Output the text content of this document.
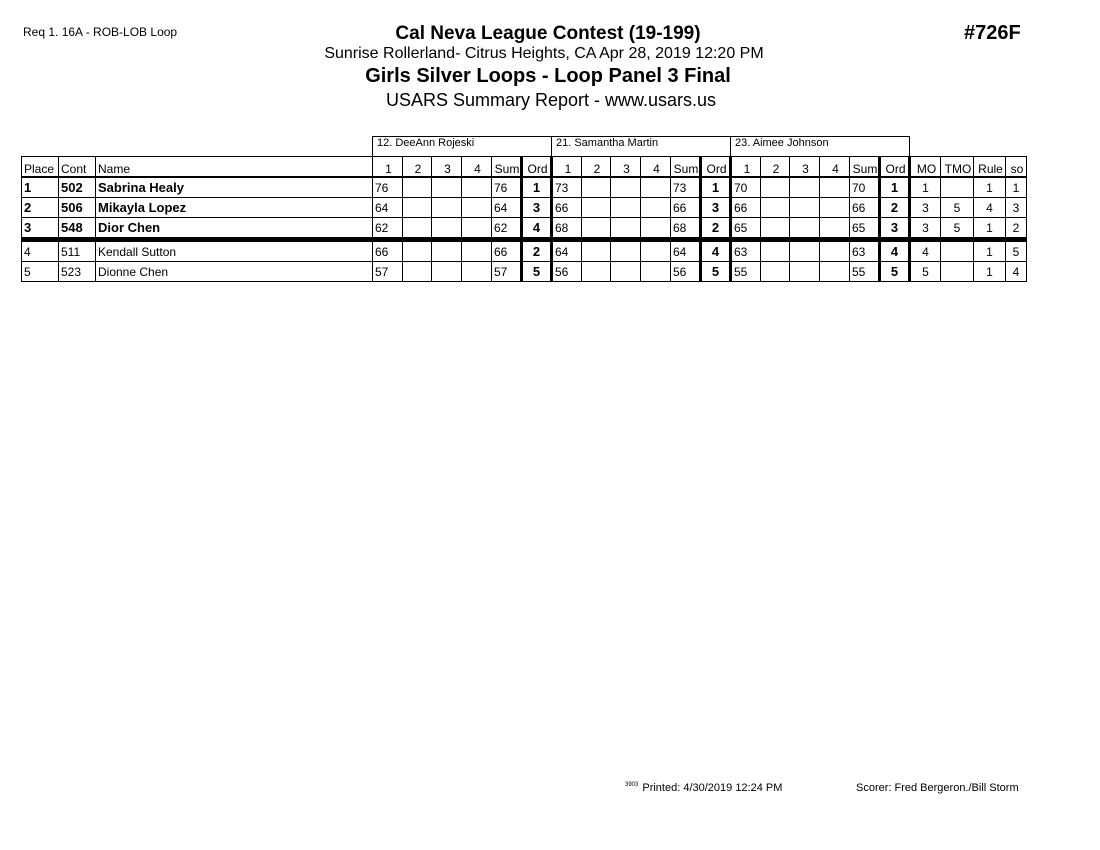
Req 1. 16A - ROB-LOB Loop	#726F
Cal Neva League Contest (19-199)
Sunrise Rollerland- Citrus Heights, CA Apr 28, 2019 12:20 PM
Girls Silver Loops - Loop Panel 3 Final
USARS Summary Report - www.usars.us
			12. DeeAnn Rojeski						21. Samantha Martin						23. Aimee Johnson									
Place	Cont	Name	1	2	3	4	Sum	Ord	1	2	3	4	Sum	Ord	1	2	3	4	Sum	Ord	MO	TMO	Rule	so
1	502	Sabrina Healy	76				76	1	73				73	1	70				70	1	1		1	1
2	506	Mikayla Lopez	64				64	3	66				66	3	66				66	2	3	5	4	3
3	548	Dior Chen	62				62	4	68				68	2	65				65	3	3	5	1	2
4	511	Kendall Sutton	66				66	2	64				64	4	63				63	4	4		1	5
5	523	Dionne Chen	57				57	5	56				56	5	55				55	5	5		1	4
$^{3903}$ Printed: 4/30/2019 12:24 PM	Scorer: Fred Bergeron./Bill Storm
